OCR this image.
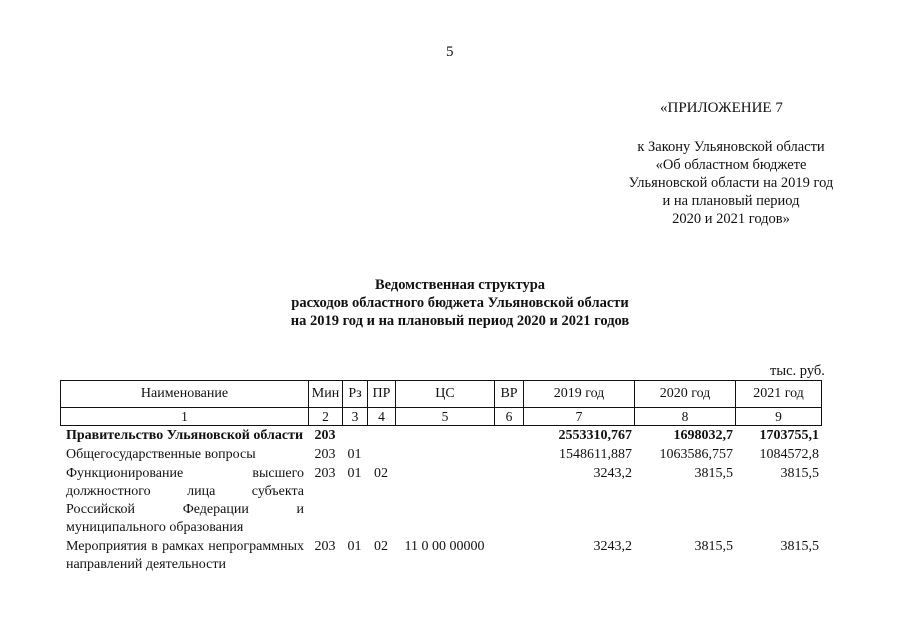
5
«ПРИЛОЖЕНИЕ 7
к Закону Ульяновской области
«Об областном бюджете
Ульяновской области на 2019 год
и на плановый период
2020 и 2021 годов»
Ведомственная структура
расходов областного бюджета Ульяновской области
на 2019 год и на плановый период 2020 и 2021 годов
тыс. руб.
Наименование	Мин	Рз	ПР	ЦС	ВР	2019 год	2020 год	2021 год
1	2	3	4	5	6	7	8	9
Правительство Ульяновской области	203					2553310,767	1698032,7	1703755,1
Общегосударственные вопросы	203	01				1548611,887	1063586,757	1084572,8
Функционирование высшего должностного лица субъекта Российской Федерации и муниципального образования	203	01	02			3243,2	3815,5	3815,5
Мероприятия в рамках непрограммных направлений деятельности	203	01	02	11 0 00 00000		3243,2	3815,5	3815,5
